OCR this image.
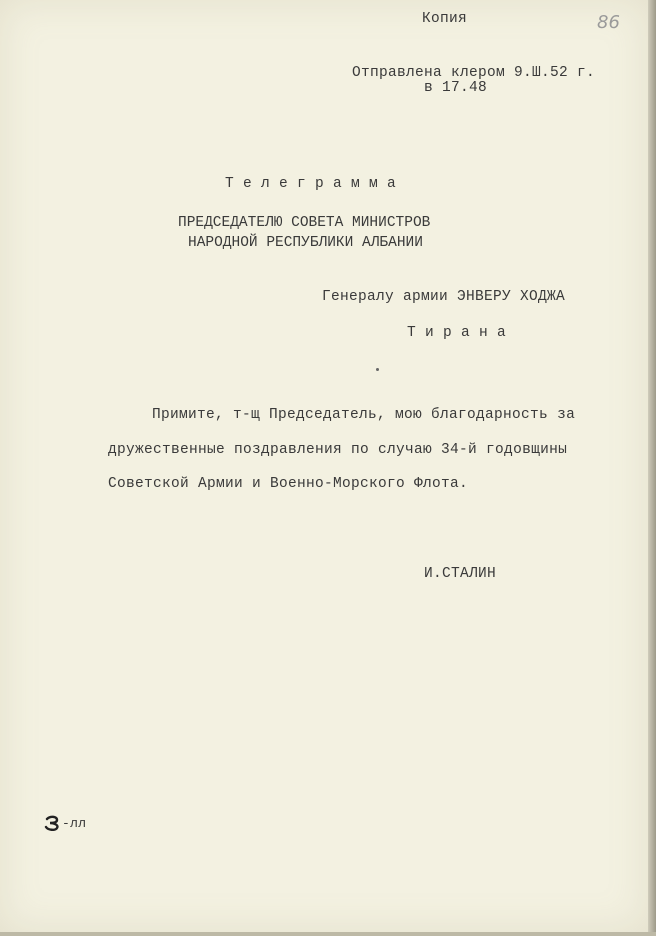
Копия	86
Отправлена клером 9.Ш.52 г.
в 17.48
Т е л е г р а м м а
ПРЕДСЕДАТЕЛЮ СОВЕТА МИНИСТРОВ
НАРОДНОЙ РЕСПУБЛИКИ АЛБАНИИ
Генералу армии ЭНВЕРУ ХОДЖА
Т и р а н а
Примите, т-щ Председатель, мою благодарность за
дружественные поздравления по случаю 34-й годовщины
Советской Армии и Военно-Морского Флота.
И.СТАЛИН
-лл
